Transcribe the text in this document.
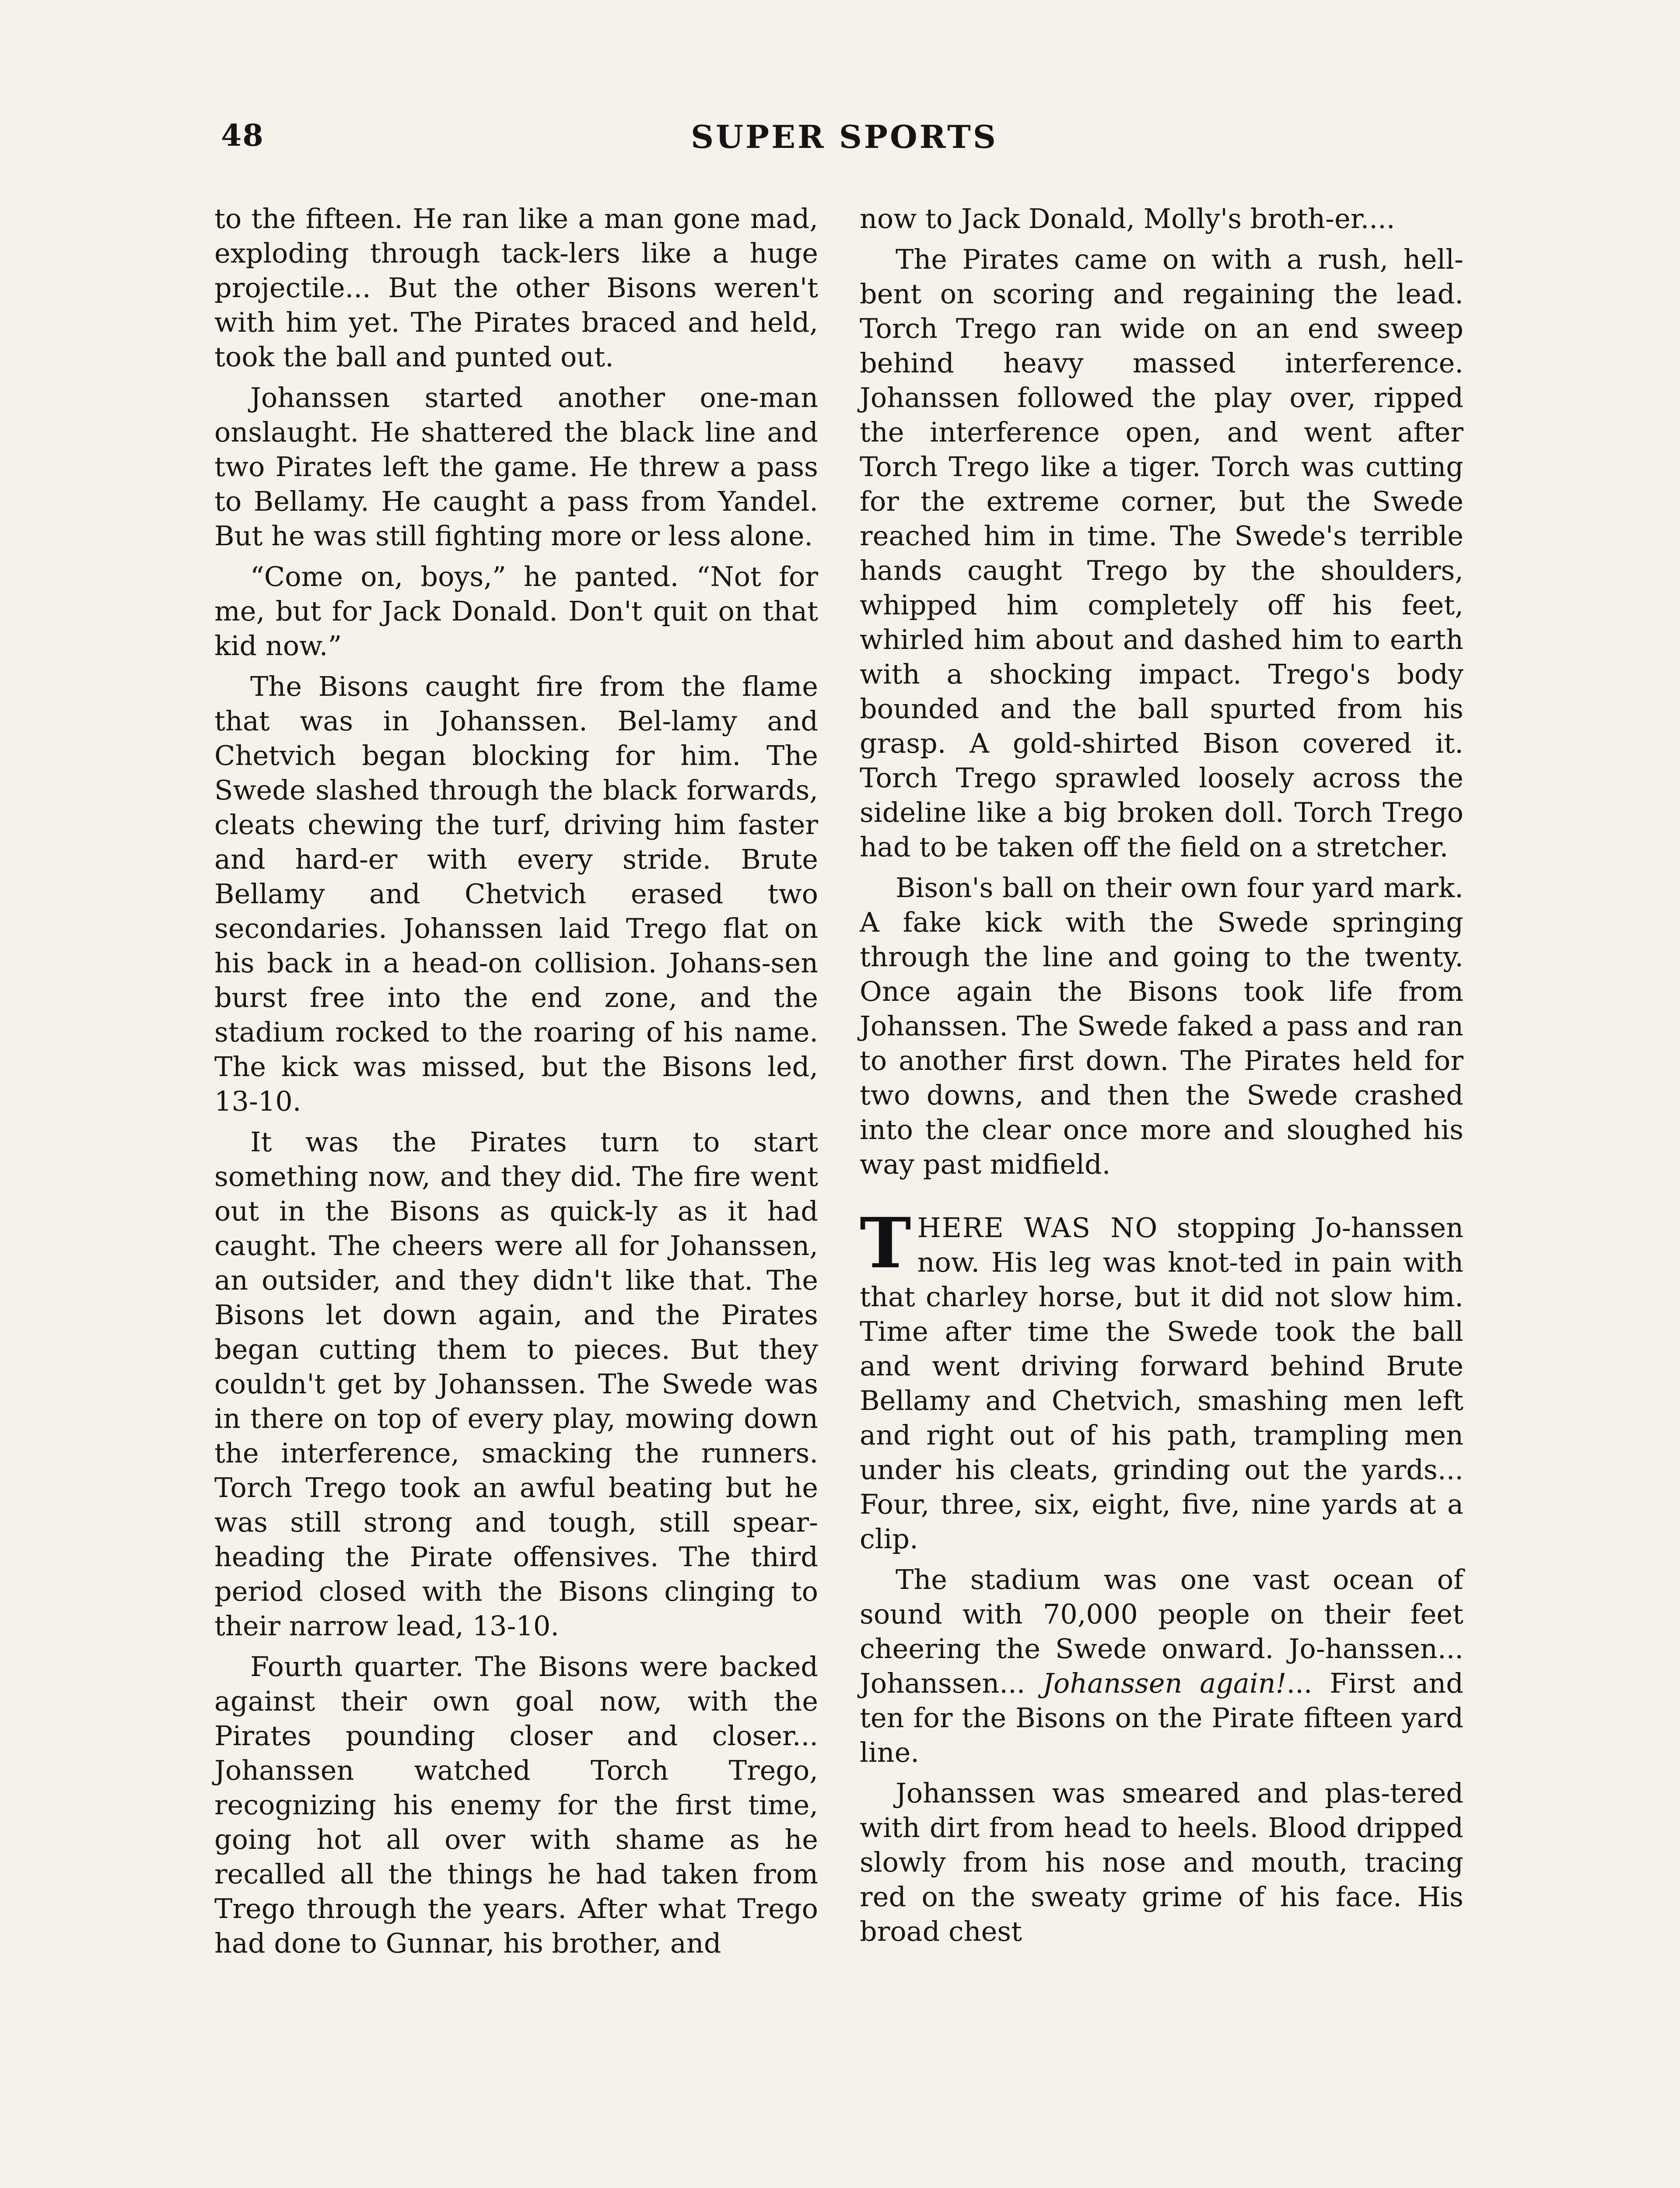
48	SUPER SPORTS

to the fifteen. He ran like a man gone mad, exploding through tack-lers like a huge projectile... But the other Bisons weren't with him yet. The Pirates braced and held, took the ball and punted out.

Johanssen started another one-man onslaught. He shattered the black line and two Pirates left the game. He threw a pass to Bellamy. He caught a pass from Yandel. But he was still fighting more or less alone.

“Come on, boys,” he panted. “Not for me, but for Jack Donald. Don't quit on that kid now.”

The Bisons caught fire from the flame that was in Johanssen. Bel-lamy and Chetvich began blocking for him. The Swede slashed through the black forwards, cleats chewing the turf, driving him faster and hard-er with every stride. Brute Bellamy and Chetvich erased two secondaries. Johanssen laid Trego flat on his back in a head-on collision. Johans-sen burst free into the end zone, and the stadium rocked to the roaring of his name. The kick was missed, but the Bisons led, 13-10.

It was the Pirates turn to start something now, and they did. The fire went out in the Bisons as quick-ly as it had caught. The cheers were all for Johanssen, an outsider, and they didn't like that. The Bisons let down again, and the Pirates began cutting them to pieces. But they couldn't get by Johanssen. The Swede was in there on top of every play, mowing down the interference, smacking the runners. Torch Trego took an awful beating but he was still strong and tough, still spear-heading the Pirate offensives. The third period closed with the Bisons clinging to their narrow lead, 13-10.

Fourth quarter. The Bisons were backed against their own goal now, with the Pirates pounding closer and closer... Johanssen watched Torch Trego, recognizing his enemy for the first time, going hot all over with shame as he recalled all the things he had taken from Trego through the years. After what Trego had done to Gunnar, his brother, and

now to Jack Donald, Molly's broth-er....

The Pirates came on with a rush, hell-bent on scoring and regaining the lead. Torch Trego ran wide on an end sweep behind heavy massed interference. Johanssen followed the play over, ripped the interference open, and went after Torch Trego like a tiger. Torch was cutting for the extreme corner, but the Swede reached him in time. The Swede's terrible hands caught Trego by the shoulders, whipped him completely off his feet, whirled him about and dashed him to earth with a shocking impact. Trego's body bounded and the ball spurted from his grasp. A gold-shirted Bison covered it. Torch Trego sprawled loosely across the sideline like a big broken doll. Torch Trego had to be taken off the field on a stretcher.

Bison's ball on their own four yard mark. A fake kick with the Swede springing through the line and going to the twenty. Once again the Bisons took life from Johanssen. The Swede faked a pass and ran to another first down. The Pirates held for two downs, and then the Swede crashed into the clear once more and sloughed his way past midfield.

THERE WAS NO stopping Jo-hanssen now. His leg was knot-ted in pain with that charley horse, but it did not slow him. Time after time the Swede took the ball and went driving forward behind Brute Bellamy and Chetvich, smashing men left and right out of his path, trampling men under his cleats, grinding out the yards... Four, three, six, eight, five, nine yards at a clip.

The stadium was one vast ocean of sound with 70,000 people on their feet cheering the Swede onward. Jo-hanssen... Johanssen... Johanssen again!... First and ten for the Bisons on the Pirate fifteen yard line.

Johanssen was smeared and plas-tered with dirt from head to heels. Blood dripped slowly from his nose and mouth, tracing red on the sweaty grime of his face. His broad chest
